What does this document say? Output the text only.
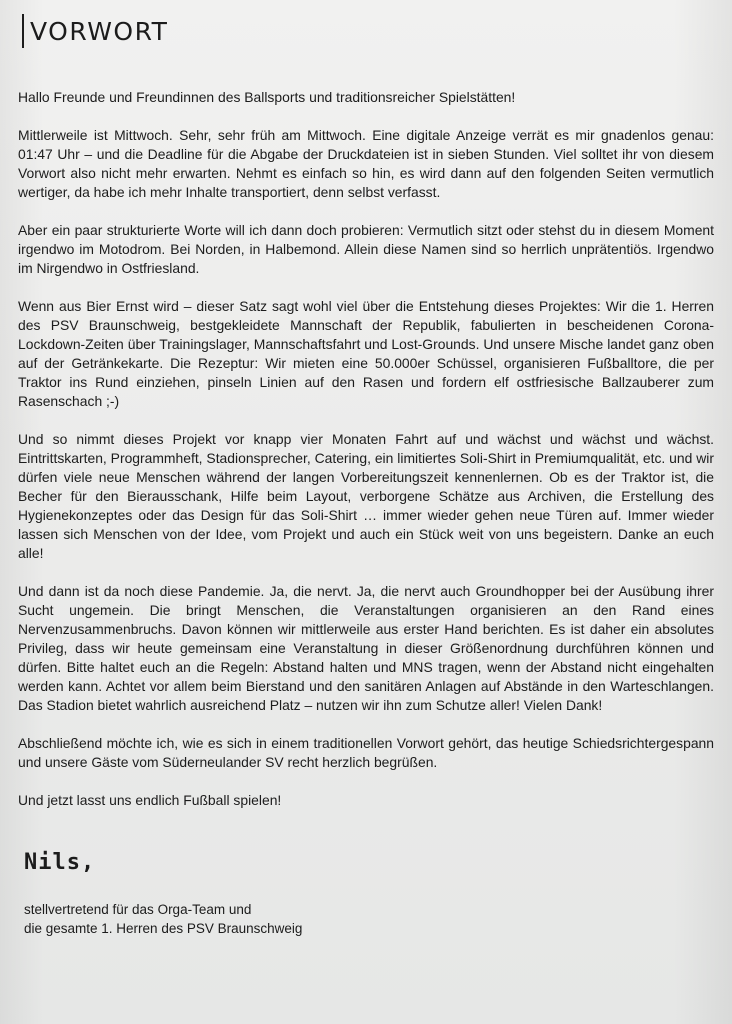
VORWORT

Hallo Freunde und Freundinnen des Ballsports und traditionsreicher Spielstätten!

Mittlerweile ist Mittwoch. Sehr, sehr früh am Mittwoch. Eine digitale Anzeige verrät es mir gnadenlos genau: 01:47 Uhr – und die Deadline für die Abgabe der Druckdateien ist in sieben Stunden. Viel solltet ihr von diesem Vorwort also nicht mehr erwarten. Nehmt es einfach so hin, es wird dann auf den folgenden Seiten vermutlich wertiger, da habe ich mehr Inhalte transportiert, denn selbst verfasst.

Aber ein paar strukturierte Worte will ich dann doch probieren: Vermutlich sitzt oder stehst du in diesem Moment irgendwo im Motodrom. Bei Norden, in Halbemond. Allein diese Namen sind so herrlich unprätentiös. Irgendwo im Nirgendwo in Ostfriesland.

Wenn aus Bier Ernst wird – dieser Satz sagt wohl viel über die Entstehung dieses Projektes: Wir die 1. Herren des PSV Braunschweig, bestgekleidete Mannschaft der Republik, fabulierten in bescheidenen Corona-Lockdown-Zeiten über Trainingslager, Mannschaftsfahrt und Lost-Grounds. Und unsere Mische landet ganz oben auf der Getränkekarte. Die Rezeptur: Wir mieten eine 50.000er Schüssel, organisieren Fußballtore, die per Traktor ins Rund einziehen, pinseln Linien auf den Rasen und fordern elf ostfriesische Ballzauberer zum Rasenschach ;-)

Und so nimmt dieses Projekt vor knapp vier Monaten Fahrt auf und wächst und wächst und wächst. Eintrittskarten, Programmheft, Stadionsprecher, Catering, ein limitiertes Soli-Shirt in Premiumqualität, etc. und wir dürfen viele neue Menschen während der langen Vorbereitungszeit kennenlernen. Ob es der Traktor ist, die Becher für den Bierausschank, Hilfe beim Layout, verborgene Schätze aus Archiven, die Erstellung des Hygienekonzeptes oder das Design für das Soli-Shirt … immer wieder gehen neue Türen auf. Immer wieder lassen sich Menschen von der Idee, vom Projekt und auch ein Stück weit von uns begeistern. Danke an euch alle!

Und dann ist da noch diese Pandemie. Ja, die nervt. Ja, die nervt auch Groundhopper bei der Ausübung ihrer Sucht ungemein. Die bringt Menschen, die Veranstaltungen organisieren an den Rand eines Nervenzusammenbruchs. Davon können wir mittlerweile aus erster Hand berichten. Es ist daher ein absolutes Privileg, dass wir heute gemeinsam eine Veranstaltung in dieser Größenordnung durchführen können und dürfen. Bitte haltet euch an die Regeln: Abstand halten und MNS tragen, wenn der Abstand nicht eingehalten werden kann. Achtet vor allem beim Bierstand und den sanitären Anlagen auf Abstände in den Warteschlangen. Das Stadion bietet wahrlich ausreichend Platz – nutzen wir ihn zum Schutze aller! Vielen Dank!

Abschließend möchte ich, wie es sich in einem traditionellen Vorwort gehört, das heutige Schiedsrichtergespann und unsere Gäste vom Süderneulander SV recht herzlich begrüßen.

Und jetzt lasst uns endlich Fußball spielen!

Nils,
stellvertretend für das Orga-Team und
die gesamte 1. Herren des PSV Braunschweig
